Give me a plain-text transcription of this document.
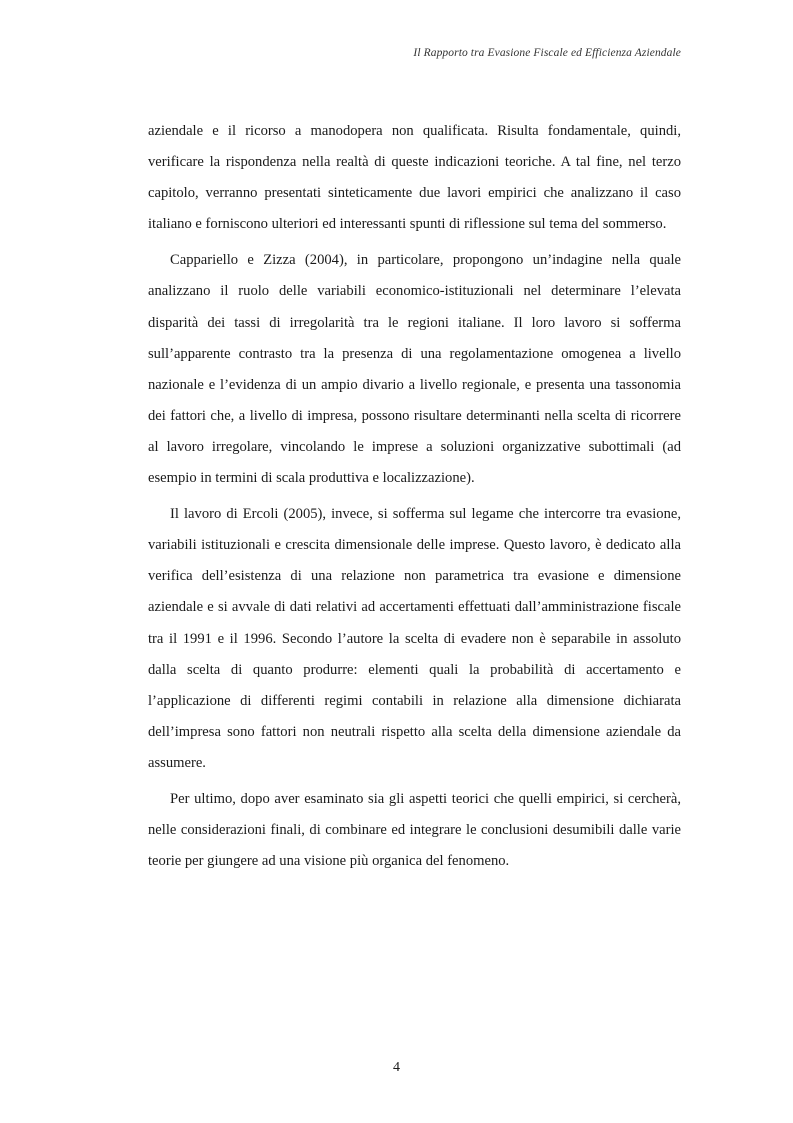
Il Rapporto tra Evasione Fiscale ed Efficienza Aziendale

aziendale e il ricorso a manodopera non qualificata. Risulta fondamentale, quindi, verificare la rispondenza nella realtà di queste indicazioni teoriche. A tal fine, nel terzo capitolo, verranno presentati sinteticamente due lavori empirici che analizzano il caso italiano e forniscono ulteriori ed interessanti spunti di riflessione sul tema del sommerso.

Cappariello e Zizza (2004), in particolare, propongono un’indagine nella quale analizzano il ruolo delle variabili economico-istituzionali nel determinare l’elevata disparità dei tassi di irregolarità tra le regioni italiane. Il loro lavoro si sofferma sull’apparente contrasto tra la presenza di una regolamentazione omogenea a livello nazionale e l’evidenza di un ampio divario a livello regionale, e presenta una tassonomia dei fattori che, a livello di impresa, possono risultare determinanti nella scelta di ricorrere al lavoro irregolare, vincolando le imprese a soluzioni organizzative subottimali (ad esempio in termini di scala produttiva e localizzazione).

Il lavoro di Ercoli (2005), invece, si sofferma sul legame che intercorre tra evasione, variabili istituzionali e crescita dimensionale delle imprese. Questo lavoro, è dedicato alla verifica dell’esistenza di una relazione non parametrica tra evasione e dimensione aziendale e si avvale di dati relativi ad accertamenti effettuati dall’amministrazione fiscale tra il 1991 e il 1996. Secondo l’autore la scelta di evadere non è separabile in assoluto dalla scelta di quanto produrre: elementi quali la probabilità di accertamento e l’applicazione di differenti regimi contabili in relazione alla dimensione dichiarata dell’impresa sono fattori non neutrali rispetto alla scelta della dimensione aziendale da assumere.

Per ultimo, dopo aver esaminato sia gli aspetti teorici che quelli empirici, si cercherà, nelle considerazioni finali, di combinare ed integrare le conclusioni desumibili dalle varie teorie per giungere ad una visione più organica del fenomeno.

4
